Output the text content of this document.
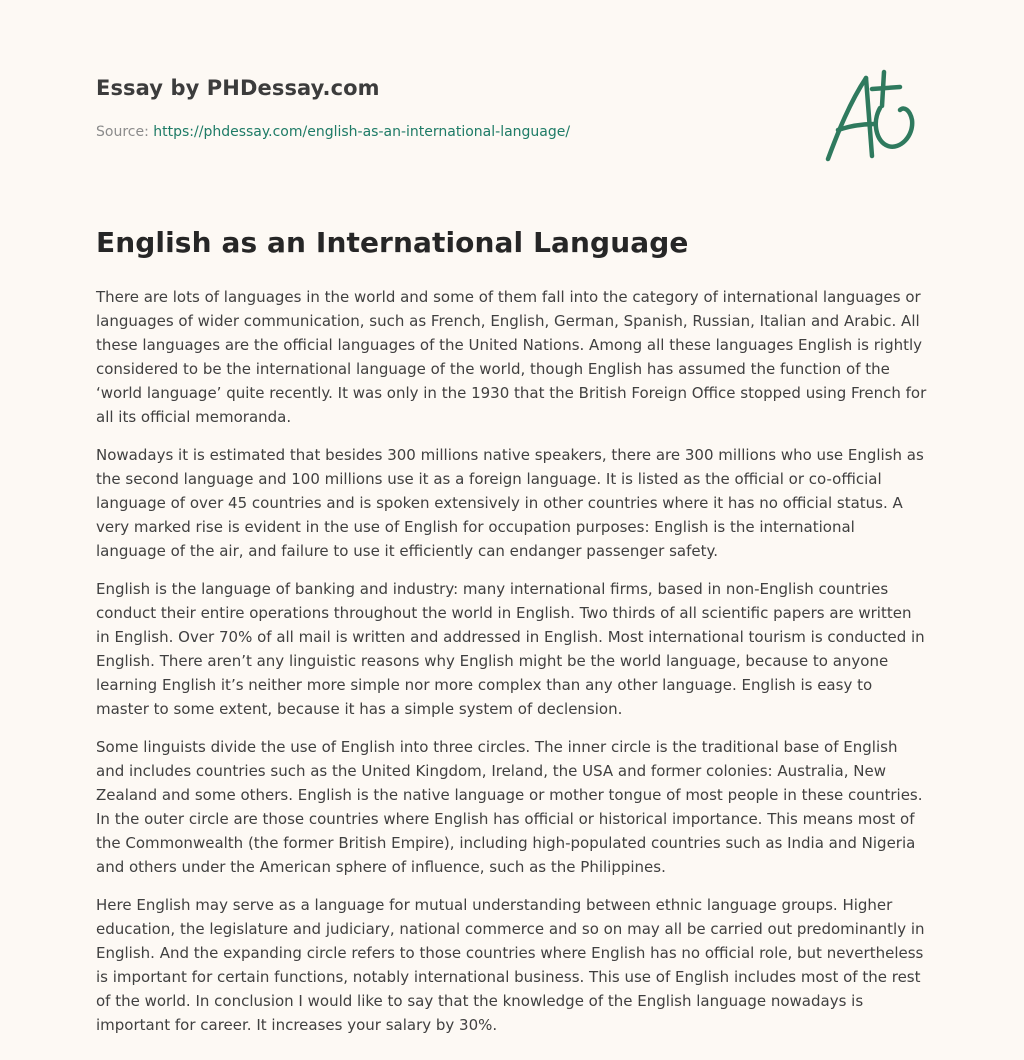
Essay by PHDessay.com
Source: https://phdessay.com/english-as-an-international-language/
English as an International Language

There are lots of languages in the world and some of them fall into the category of international languages or languages of wider communication, such as French, English, German, Spanish, Russian, Italian and Arabic. All these languages are the official languages of the United Nations. Among all these languages English is rightly considered to be the international language of the world, though English has assumed the function of the ‘world language’ quite recently. It was only in the 1930 that the British Foreign Office stopped using French for all its official memoranda.

Nowadays it is estimated that besides 300 millions native speakers, there are 300 millions who use English as the second language and 100 millions use it as a foreign language. It is listed as the official or co-official language of over 45 countries and is spoken extensively in other countries where it has no official status. A very marked rise is evident in the use of English for occupation purposes: English is the international language of the air, and failure to use it efficiently can endanger passenger safety.

English is the language of banking and industry: many international firms, based in non-English countries conduct their entire operations throughout the world in English. Two thirds of all scientific papers are written in English. Over 70% of all mail is written and addressed in English. Most international tourism is conducted in English. There aren’t any linguistic reasons why English might be the world language, because to anyone learning English it’s neither more simple nor more complex than any other language. English is easy to master to some extent, because it has a simple system of declension.

Some linguists divide the use of English into three circles. The inner circle is the traditional base of English and includes countries such as the United Kingdom, Ireland, the USA and former colonies: Australia, New Zealand and some others. English is the native language or mother tongue of most people in these countries. In the outer circle are those countries where English has official or historical importance. This means most of the Commonwealth (the former British Empire), including high-populated countries such as India and Nigeria and others under the American sphere of influence, such as the Philippines.

Here English may serve as a language for mutual understanding between ethnic language groups. Higher education, the legislature and judiciary, national commerce and so on may all be carried out predominantly in English. And the expanding circle refers to those countries where English has no official role, but nevertheless is important for certain functions, notably international business. This use of English includes most of the rest of the world. In conclusion I would like to say that the knowledge of the English language nowadays is important for career. It increases your salary by 30%.
